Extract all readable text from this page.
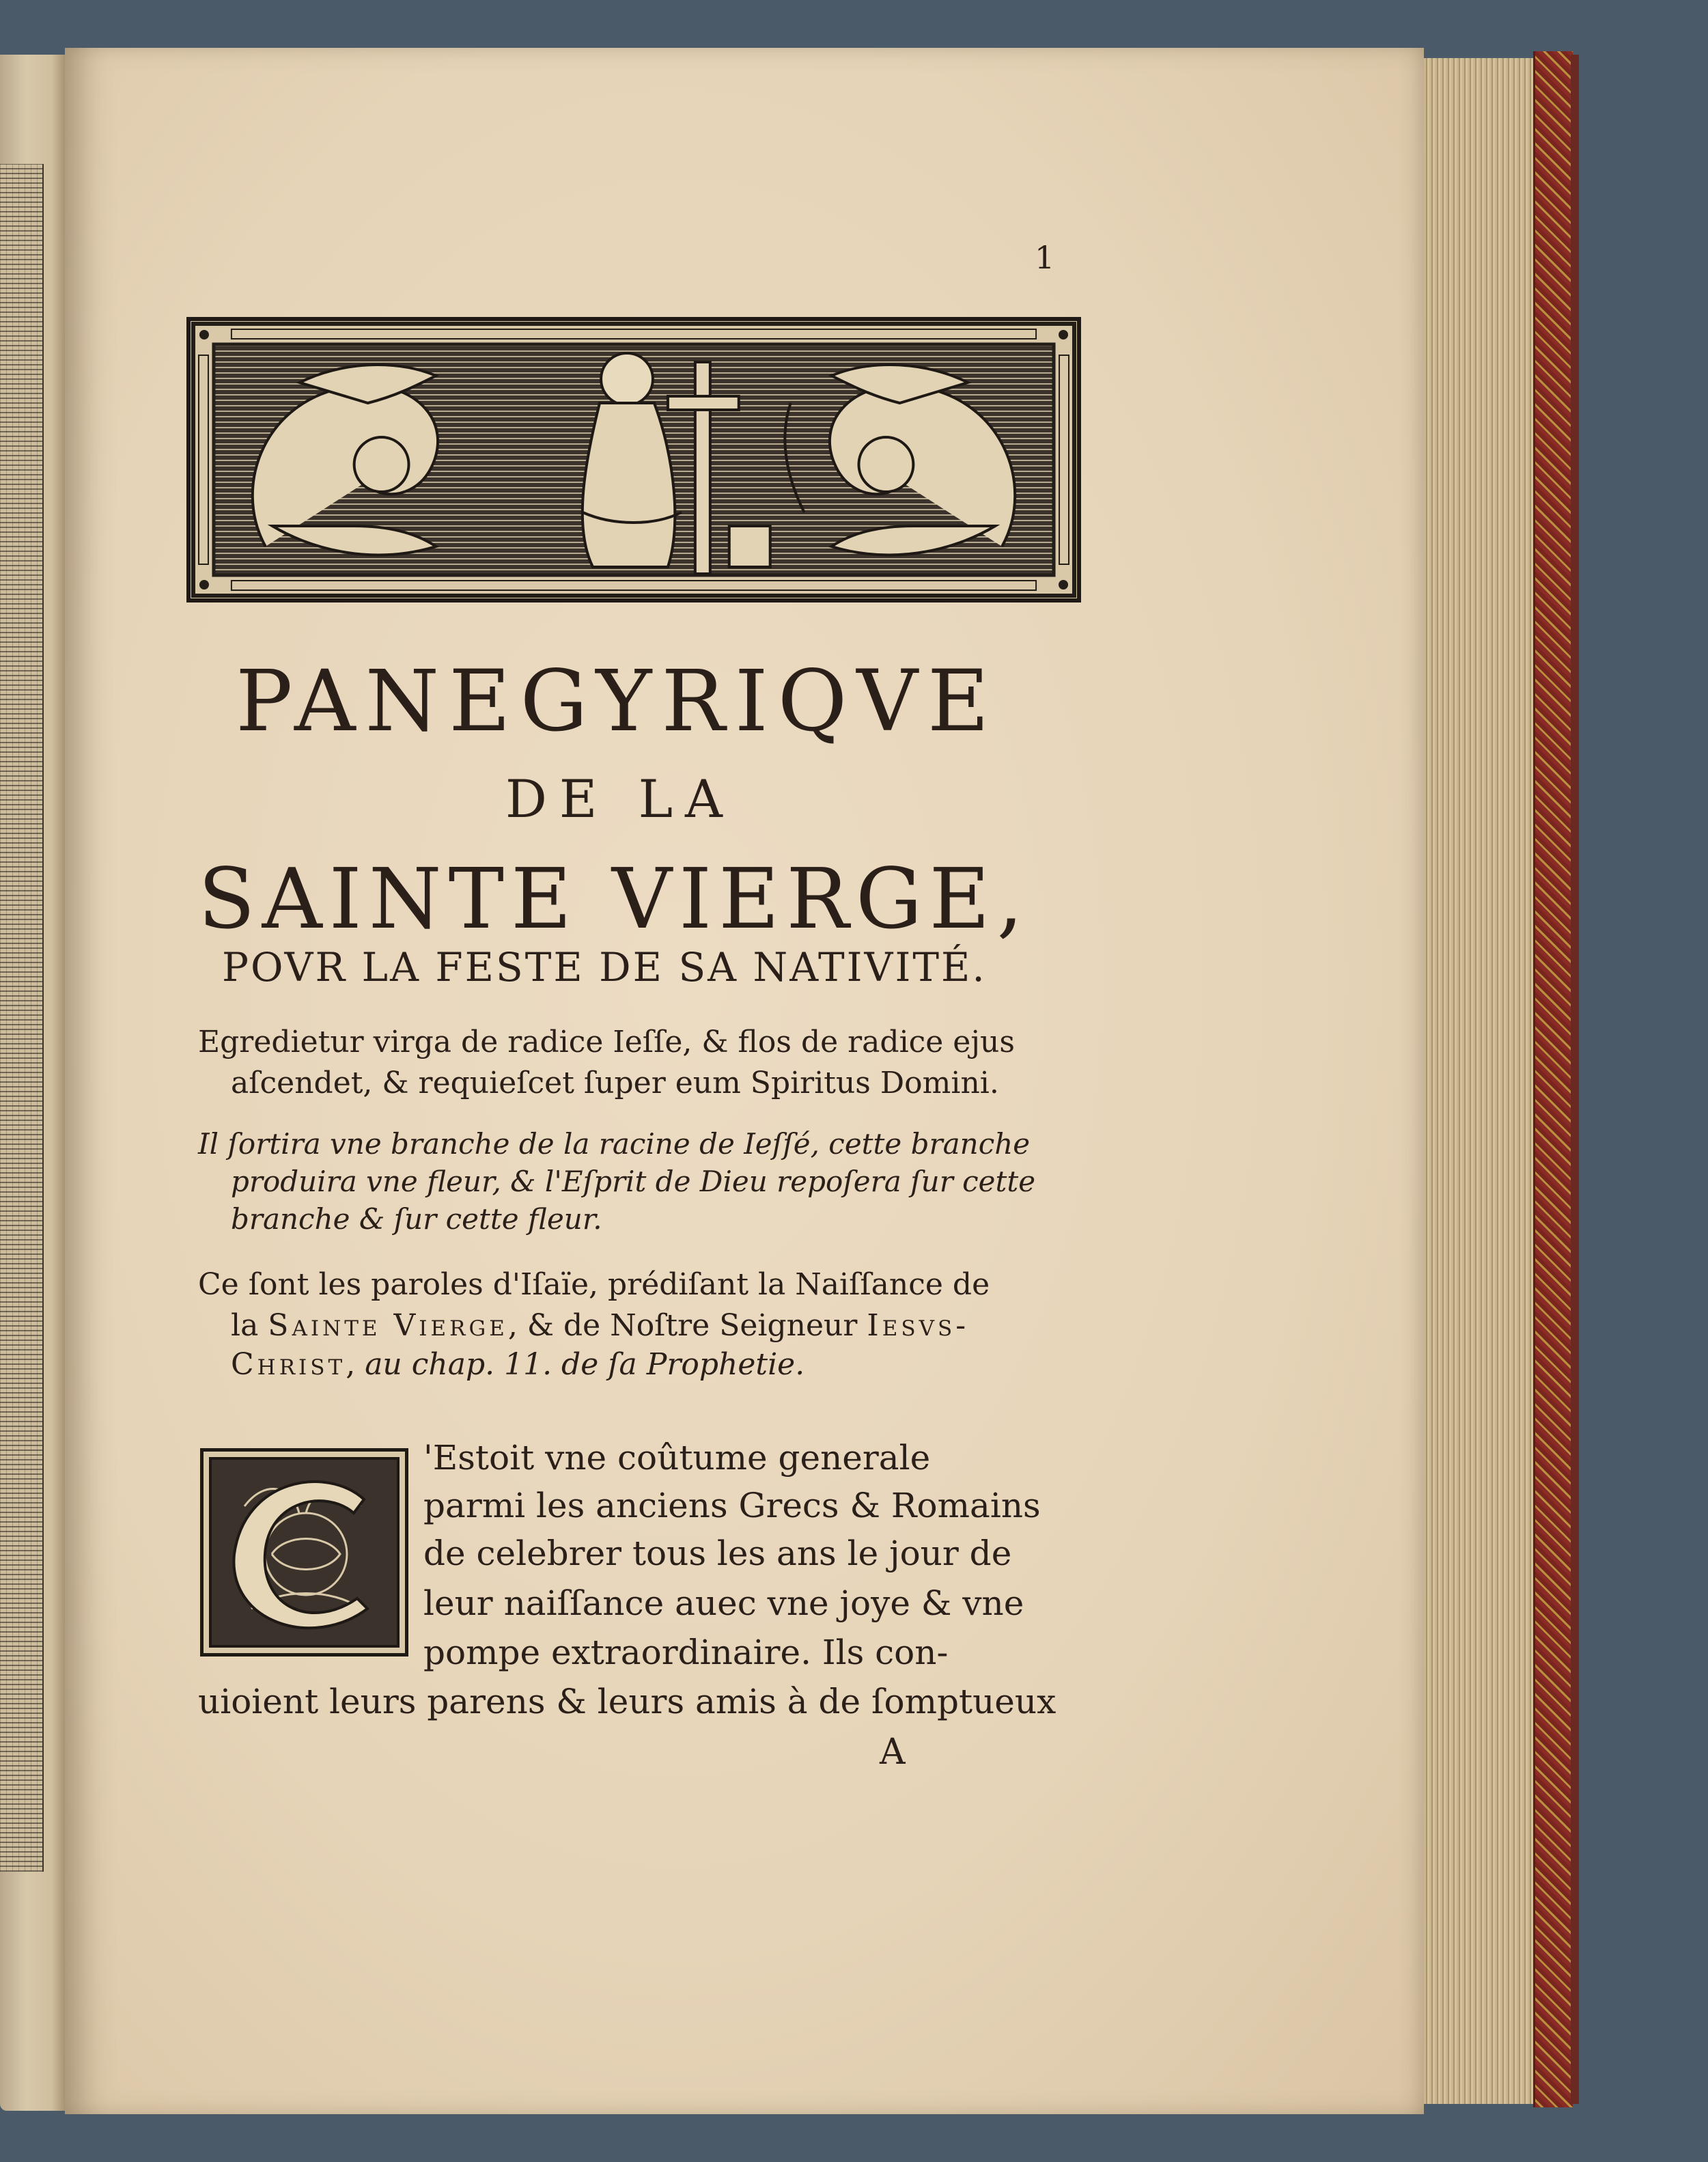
1
PANEGYRIQVE
DE LA
SAINTE VIERGE,
POVR LA FESTE DE SA NATIVITÉ.
Egredietur virga de radice Ieſſe, & flos de radice ejus
aſcendet, & requieſcet ſuper eum Spiritus Domini.
Il ſortira vne branche de la racine de Ieſſé, cette branche
produira vne fleur, & l'Eſprit de Dieu repoſera ſur cette
branche & ſur cette fleur.
Ce ſont les paroles d'Iſaïe, prédiſant la Naiſſance de
la Sainte Vierge, & de Noſtre Seigneur Iesvs-
Christ, au chap. 11. de ſa Prophetie.
'Estoit vne coûtume generale
parmi les anciens Grecs & Romains
de celebrer tous les ans le jour de
leur naiſſance auec vne joye & vne
pompe extraordinaire. Ils con-
uioient leurs parens & leurs amis à de ſomptueux
A
